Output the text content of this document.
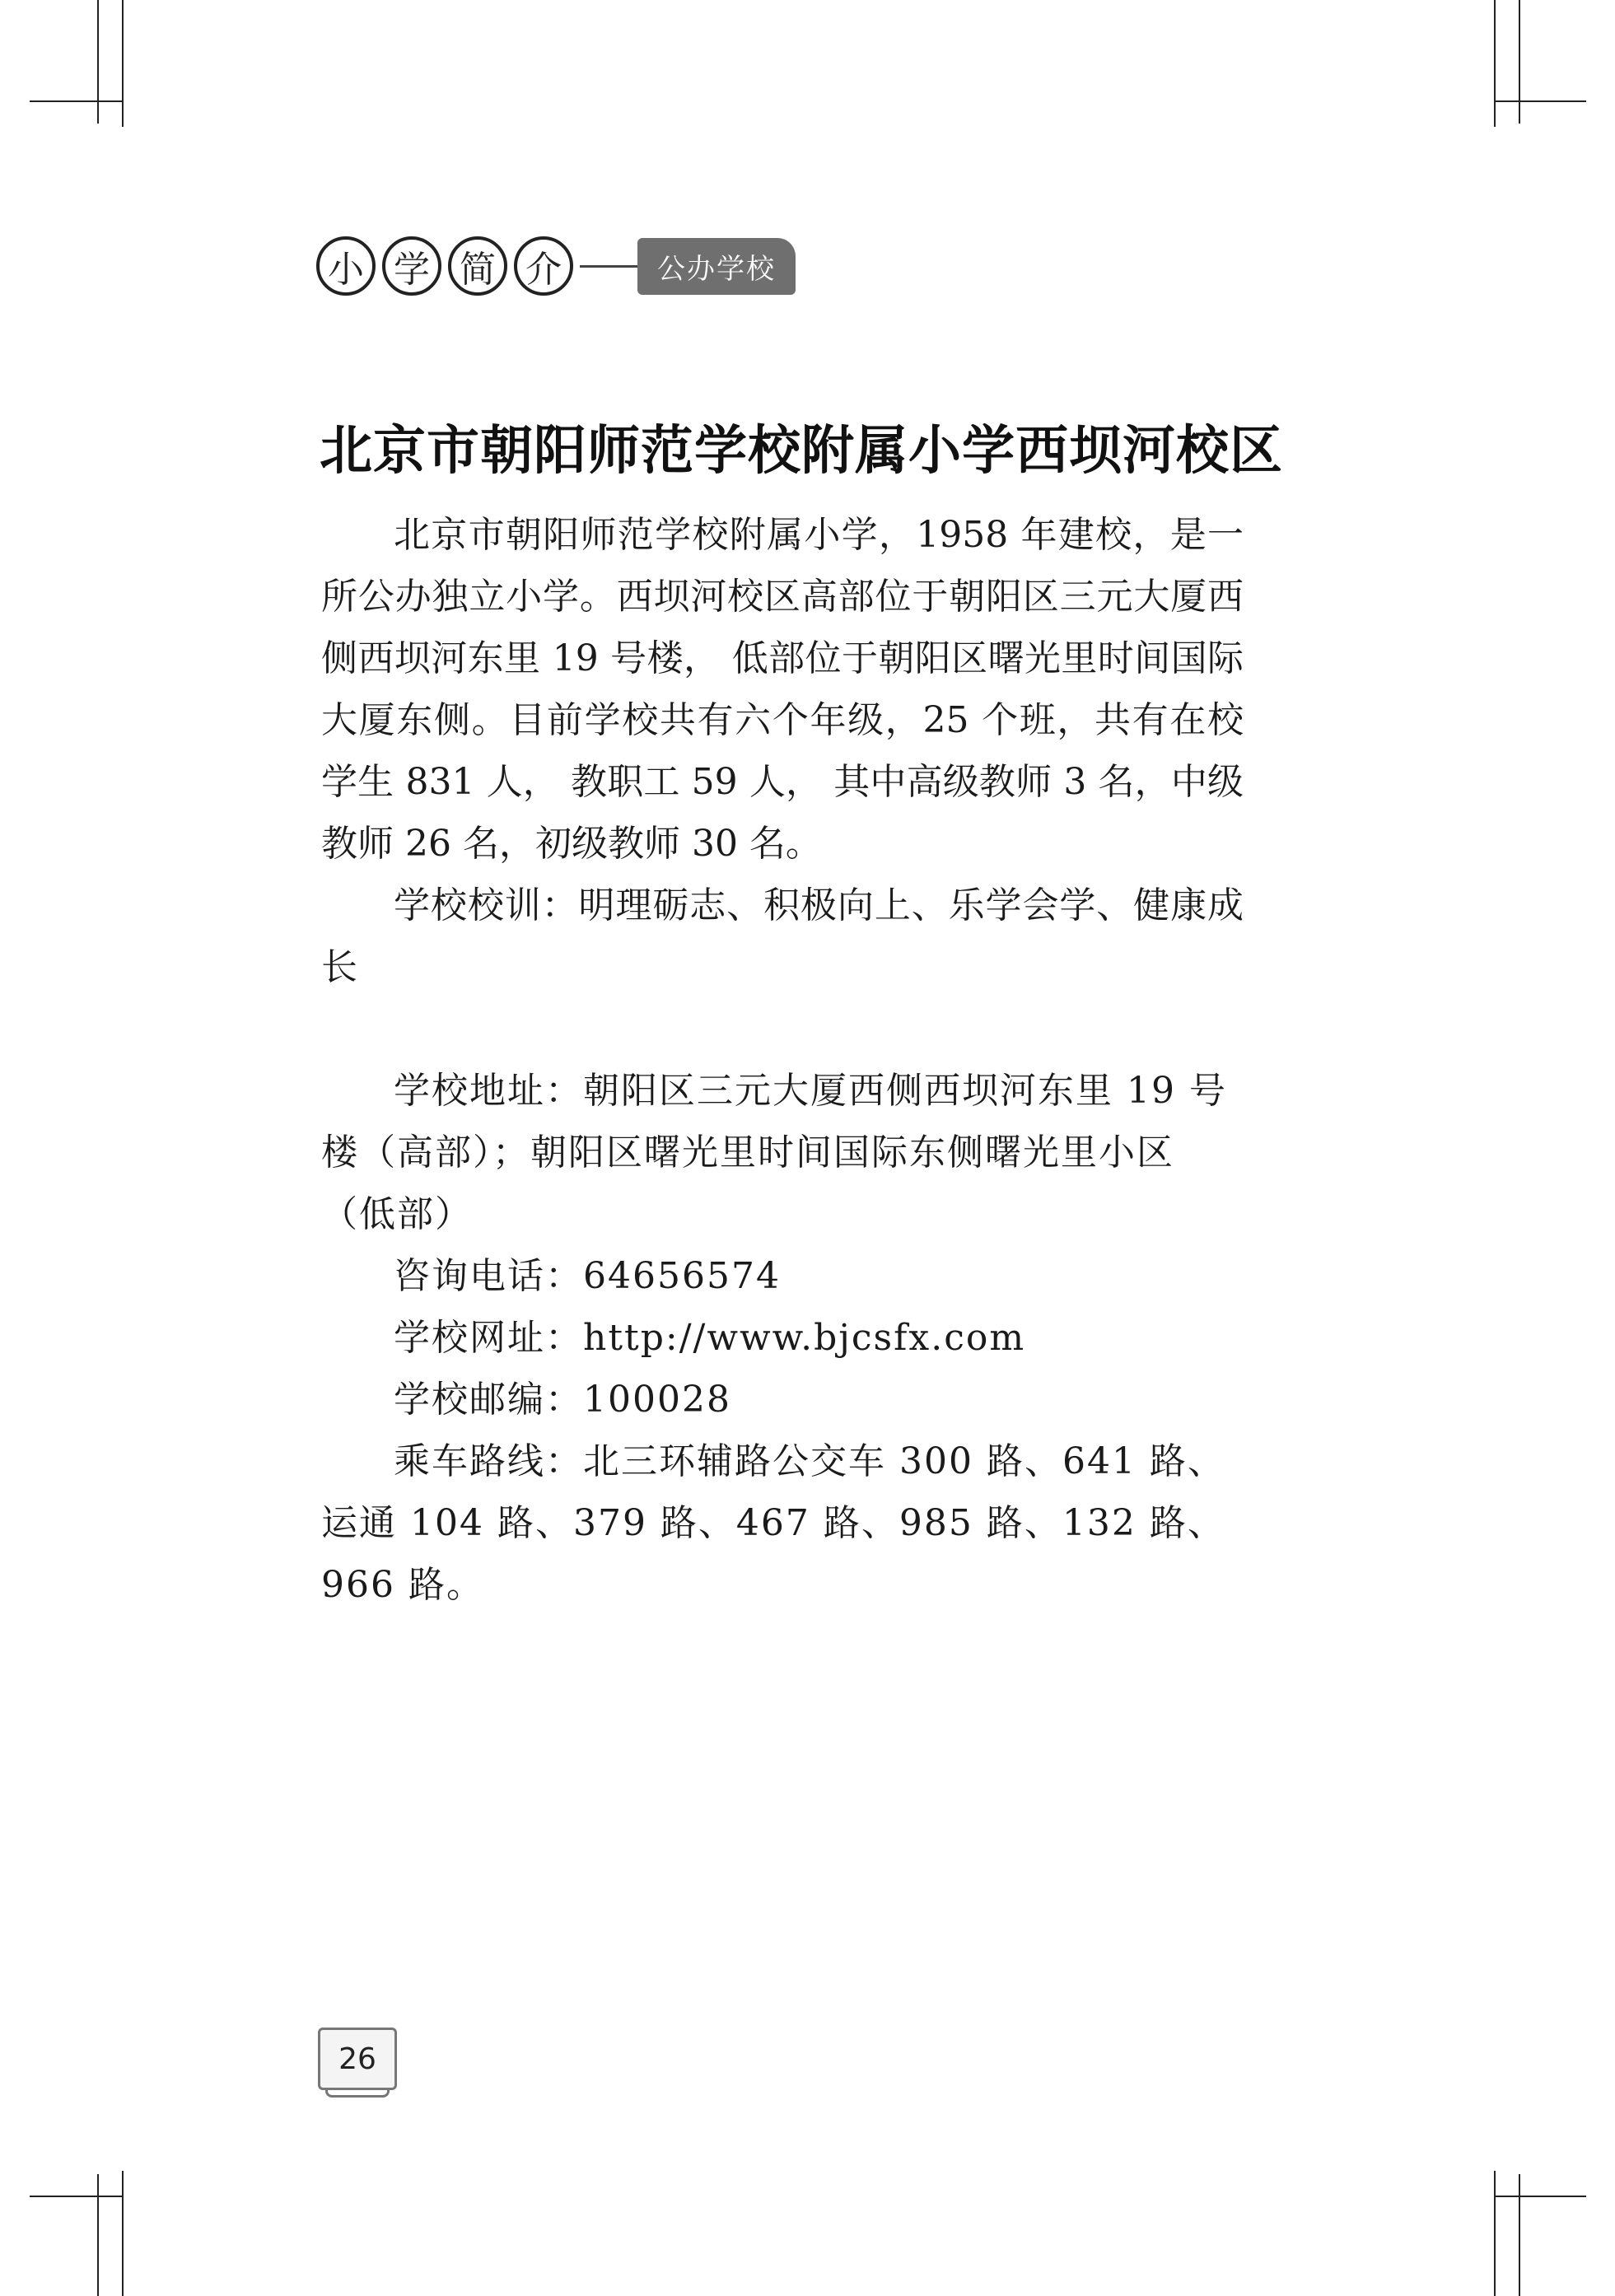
小 学 简 介	公办学校
北京市朝阳师范学校附属小学西坝河校区

北京市朝阳师范学校附属小学，1958 年建校，是一所公办独立小学。西坝河校区高部位于朝阳区三元大厦西侧西坝河东里 19 号楼， 低部位于朝阳区曙光里时间国际大厦东侧。目前学校共有六个年级，25 个班，共有在校学生 831 人， 教职工 59 人， 其中高级教师 3 名，中级教师 26 名，初级教师 30 名。

学校校训：明理砺志、积极向上、乐学会学、健康成长

学校地址：朝阳区三元大厦西侧西坝河东里 19 号楼（高部）；朝阳区曙光里时间国际东侧曙光里小区（低部）

咨询电话：64656574

学校网址：http://www.bjcsfx.com

学校邮编：100028

乘车路线：北三环辅路公交车 300 路、641 路、运通 104 路、379 路、467 路、985 路、132 路、966 路。

26
